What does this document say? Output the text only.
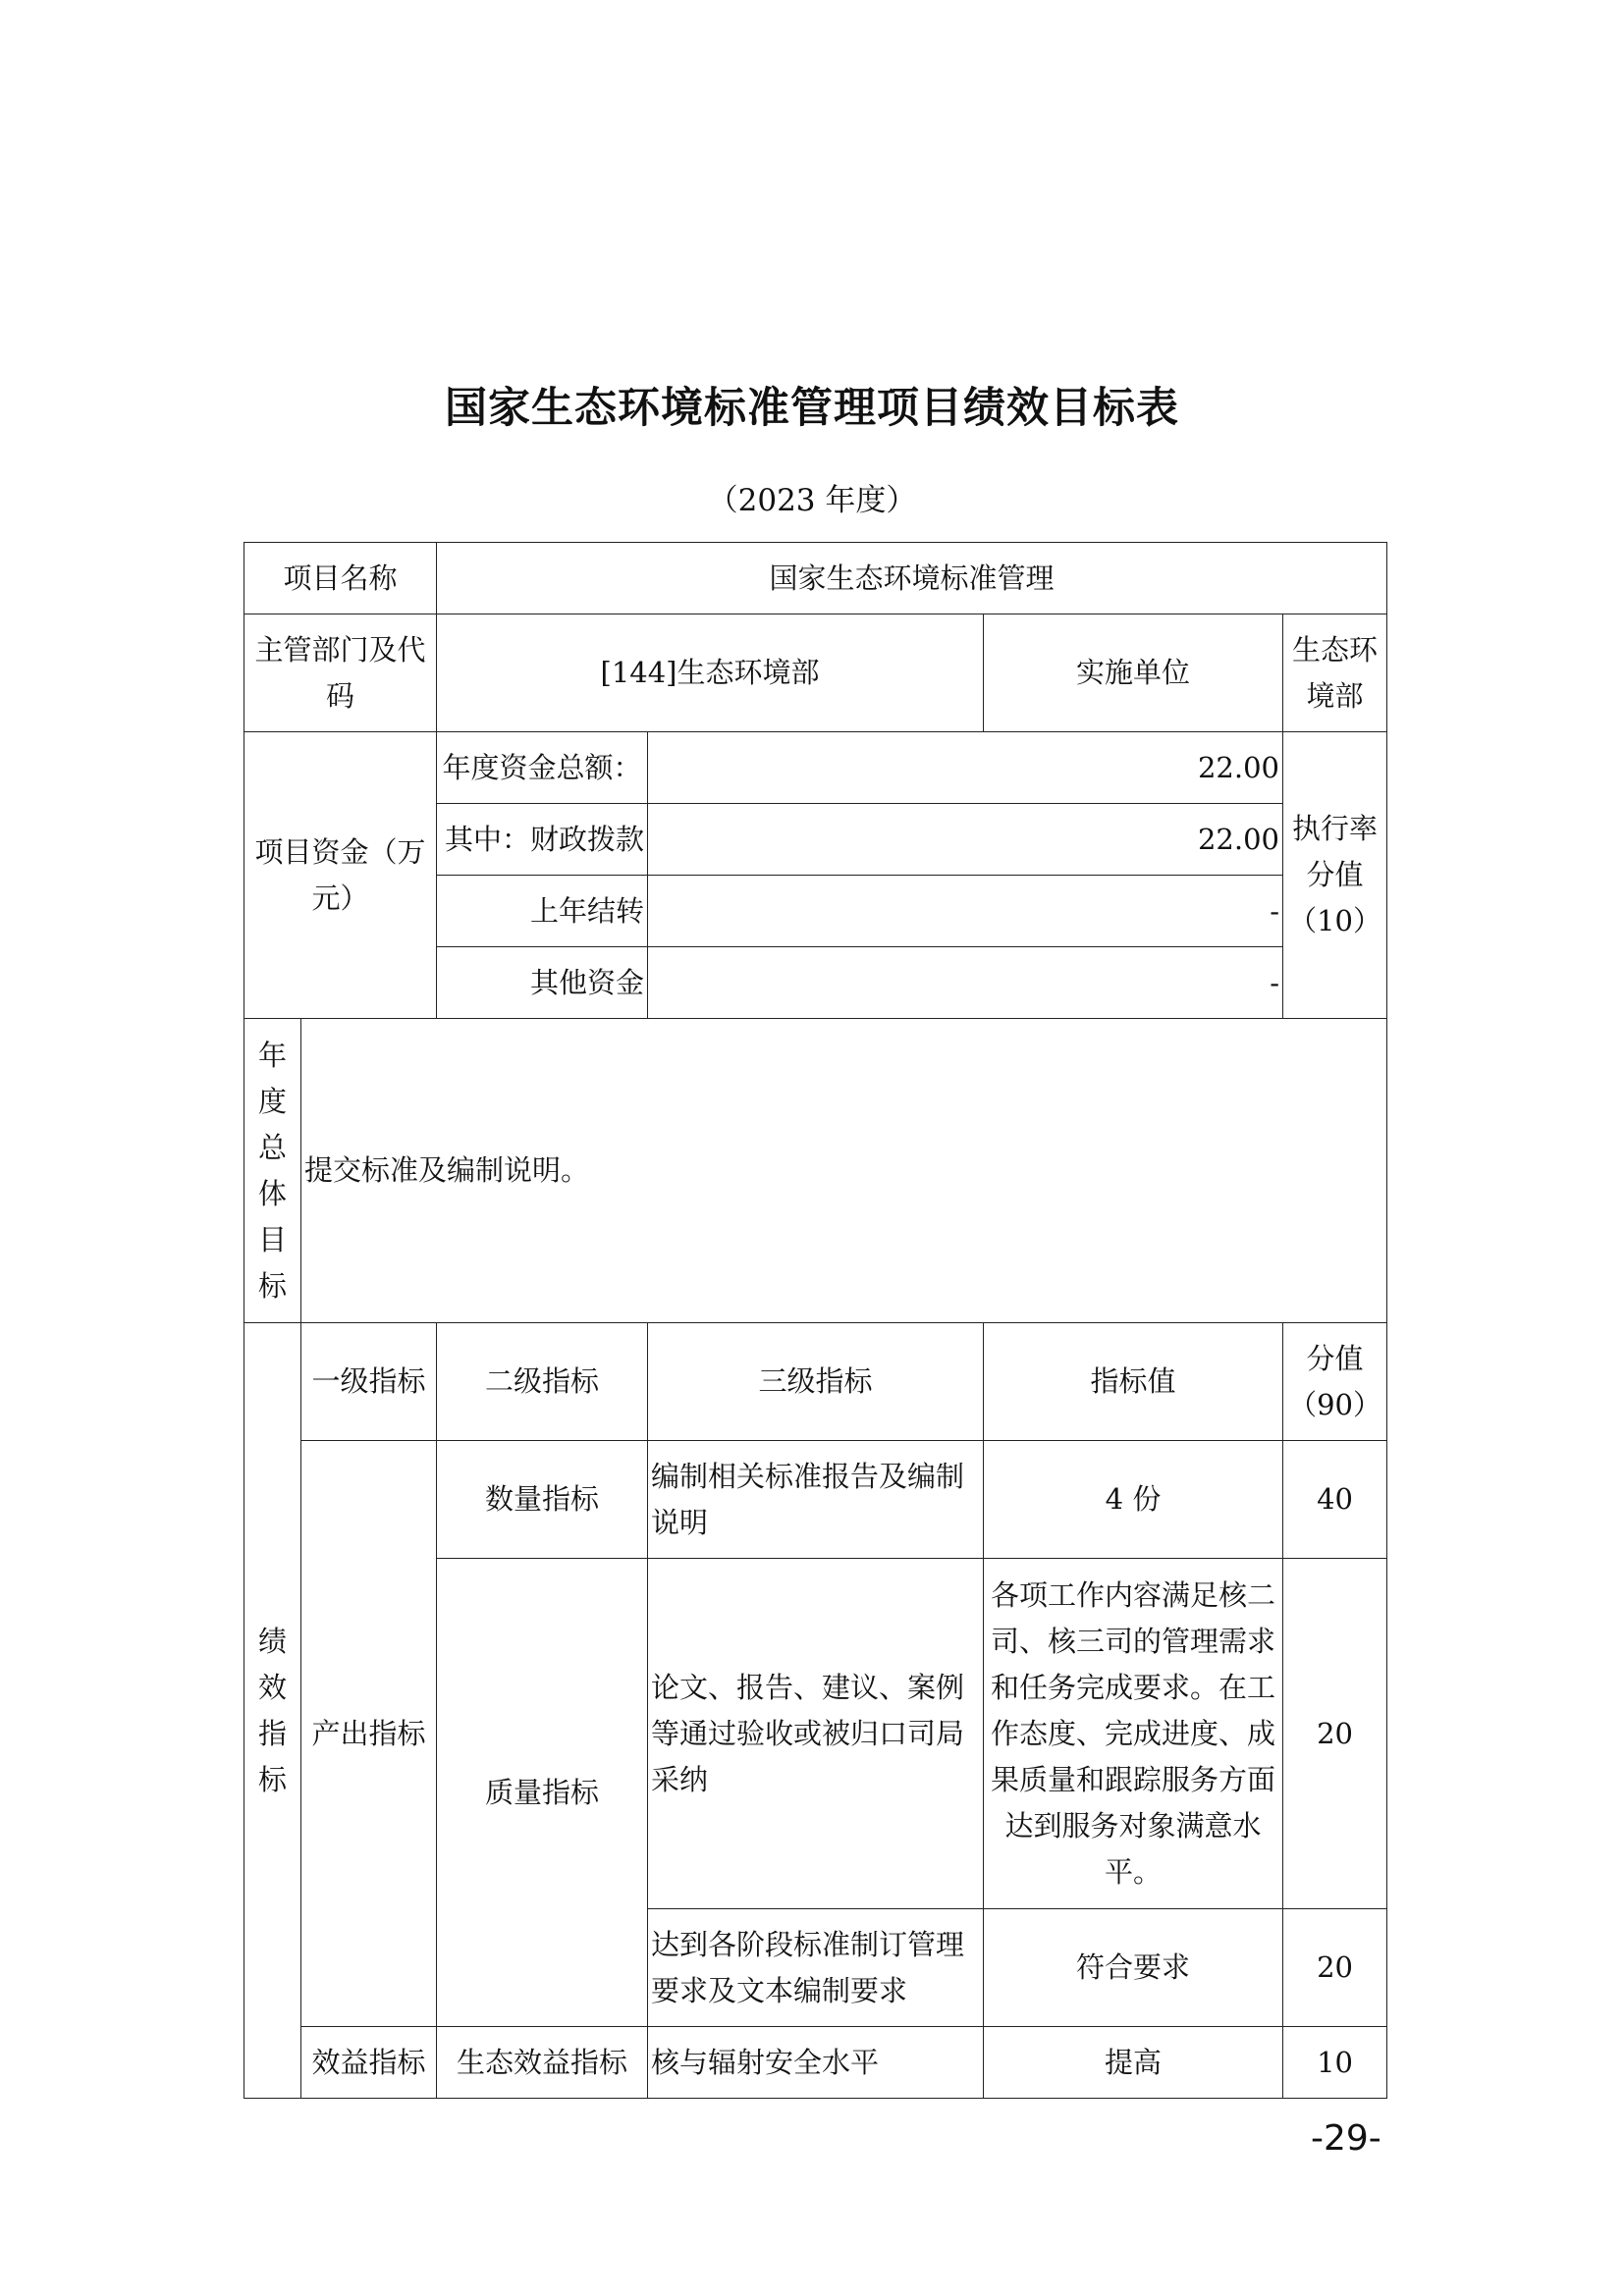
国家生态环境标准管理项目绩效目标表
（2023 年度）
项目名称		国家生态环境标准管理			
主管部门及代码		[144]生态环境部		实施单位	生态环境部
项目资金（万元）		年度资金总额：	22.00		执行率分值（10）
		其中：财政拨款	22.00		
		上年结转	-		
		其他资金	-		
年度总体目标	提交标准及编制说明。				
绩效指标	一级指标	二级指标	三级指标	指标值	分值（90）
	产出指标	数量指标	编制相关标准报告及编制说明	4 份	40
		质量指标	论文、报告、建议、案例等通过验收或被归口司局采纳	各项工作内容满足核二司、核三司的管理需求和任务完成要求。在工作态度、完成进度、成果质量和跟踪服务方面达到服务对象满意水平。	20
			达到各阶段标准制订管理要求及文本编制要求	符合要求	20
	效益指标	生态效益指标	核与辐射安全水平	提高	10
-29-
